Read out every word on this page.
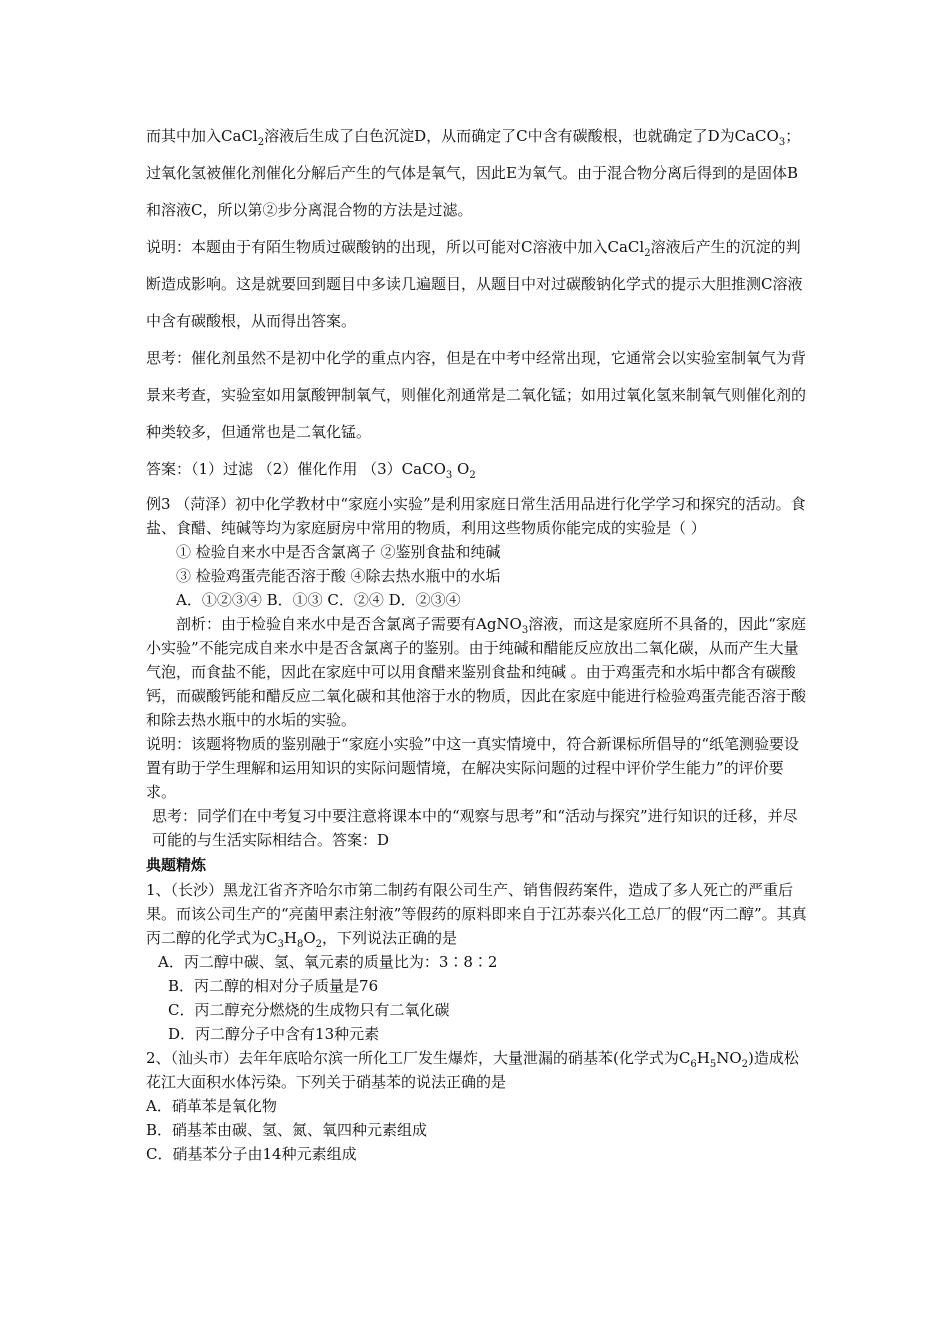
而其中加入CaCl$_2$溶液后生成了白色沉淀D，从而确定了C中含有碳酸根，也就确定了D为CaCO$_3$；过氧化氢被催化剂催化分解后产生的气体是氧气，因此E为氧气。由于混合物分离后得到的是固体B和溶液C，所以第②步分离混合物的方法是过滤。

说明：本题由于有陌生物质过碳酸钠的出现，所以可能对C溶液中加入CaCl$_2$溶液后产生的沉淀的判断造成影响。这是就要回到题目中多读几遍题目，从题目中对过碳酸钠化学式的提示大胆推测C溶液中含有碳酸根，从而得出答案。

思考：催化剂虽然不是初中化学的重点内容，但是在中考中经常出现，它通常会以实验室制氧气为背景来考查，实验室如用氯酸钾制氧气，则催化剂通常是二氧化锰；如用过氧化氢来制氧气则催化剂的种类较多，但通常也是二氧化锰。

答案：（1）过滤 （2）催化作用 （3）CaCO$_3$ $O_2$

例3 （菏泽）初中化学教材中“家庭小实验”是利用家庭日常生活用品进行化学学习和探究的活动。食盐、食醋、纯碱等均为家庭厨房中常用的物质，利用这些物质你能完成的实验是（ ）

① 检验自来水中是否含氯离子 ②鉴别食盐和纯碱

③ 检验鸡蛋壳能否溶于酸 ④除去热水瓶中的水垢

A．①②③④ B．①③ C．②④ D．②③④

剖析：由于检验自来水中是否含氯离子需要有AgNO$_3$溶液，而这是家庭所不具备的，因此“家庭小实验”不能完成自来水中是否含氯离子的鉴别。由于纯碱和醋能反应放出二氧化碳，从而产生大量气泡，而食盐不能，因此在家庭中可以用食醋来鉴别食盐和纯碱 。由于鸡蛋壳和水垢中都含有碳酸钙，而碳酸钙能和醋反应二氧化碳和其他溶于水的物质，因此在家庭中能进行检验鸡蛋壳能否溶于酸和除去热水瓶中的水垢的实验。

说明：该题将物质的鉴别融于“家庭小实验”中这一真实情境中，符合新课标所倡导的“纸笔测验要设置有助于学生理解和运用知识的实际问题情境，在解决实际问题的过程中评价学生能力”的评价要求。

思考：同学们在中考复习中要注意将课本中的“观察与思考”和“活动与探究”进行知识的迁移，并尽可能的与生活实际相结合。答案：D

典题精炼

1、（长沙）黑龙江省齐齐哈尔市第二制药有限公司生产、销售假药案件，造成了多人死亡的严重后果。而该公司生产的“亮菌甲素注射液”等假药的原料即来自于江苏泰兴化工总厂的假“丙二醇”。其真丙二醇的化学式为$C_3H_8O_2$，下列说法正确的是

A．丙二醇中碳、氢、氧元素的质量比为：3∶8∶2

B．丙二醇的相对分子质量是76

C．丙二醇充分燃烧的生成物只有二氧化碳

D．丙二醇分子中含有13种元素

2、（汕头市）去年年底哈尔滨一所化工厂发生爆炸，大量泄漏的硝基苯(化学式为$C_6H_5NO_2$)造成松花江大面积水体污染。下列关于硝基苯的说法正确的是

A．硝革苯是氧化物

B．硝基苯由碳、氢、氮、氧四种元素组成

C．硝基苯分子由14种元素组成
